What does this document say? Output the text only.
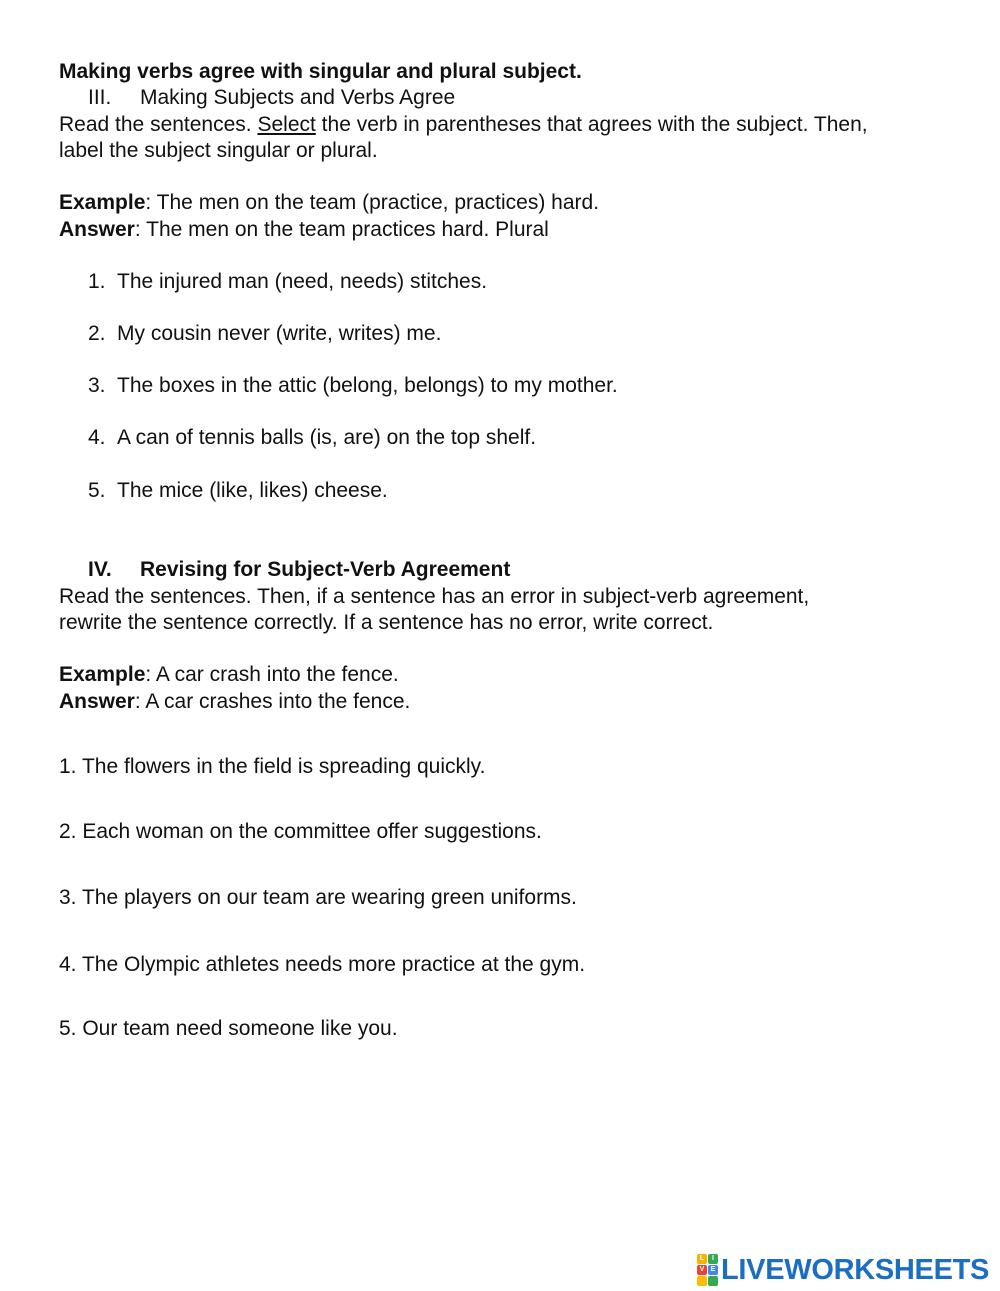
Making verbs agree with singular and plural subject.
III. Making Subjects and Verbs Agree
Read the sentences. Select the verb in parentheses that agrees with the subject. Then,
label the subject singular or plural.
Example: The men on the team (practice, practices) hard.
Answer: The men on the team practices hard. Plural
1. The injured man (need, needs) stitches.
2. My cousin never (write, writes) me.
3. The boxes in the attic (belong, belongs) to my mother.
4. A can of tennis balls (is, are) on the top shelf.
5. The mice (like, likes) cheese.
IV. Revising for Subject-Verb Agreement
Read the sentences. Then, if a sentence has an error in subject-verb agreement,
rewrite the sentence correctly. If a sentence has no error, write correct.
Example: A car crash into the fence.
Answer: A car crashes into the fence.
1. The flowers in the field is spreading quickly.
2. Each woman on the committee offer suggestions.
3. The players on our team are wearing green uniforms.
4. The Olympic athletes needs more practice at the gym.
5. Our team need someone like you.
L	I
V E LIVEWORKSHEETS
